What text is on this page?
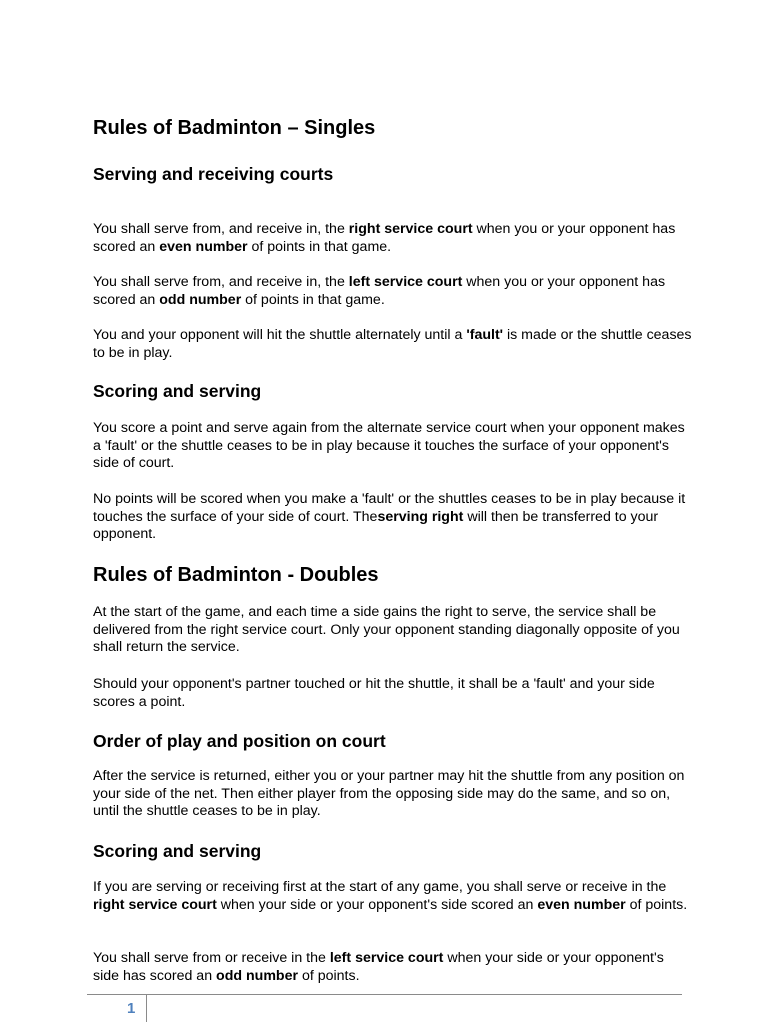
Rules of Badminton – Singles
Serving and receiving courts

You shall serve from, and receive in, the right service court when you or your opponent has scored an even number of points in that game.

You shall serve from, and receive in, the left service court when you or your opponent has scored an odd number of points in that game.

You and your opponent will hit the shuttle alternately until a 'fault' is made or the shuttle ceases to be in play.

Scoring and serving

You score a point and serve again from the alternate service court when your opponent makes a 'fault' or the shuttle ceases to be in play because it touches the surface of your opponent's side of court.

No points will be scored when you make a 'fault' or the shuttles ceases to be in play because it touches the surface of your side of court. Theserving right will then be transferred to your opponent.

Rules of Badminton - Doubles

At the start of the game, and each time a side gains the right to serve, the service shall be delivered from the right service court. Only your opponent standing diagonally opposite of you shall return the service.

Should your opponent's partner touched or hit the shuttle, it shall be a 'fault' and your side scores a point.

Order of play and position on court

After the service is returned, either you or your partner may hit the shuttle from any position on your side of the net. Then either player from the opposing side may do the same, and so on, until the shuttle ceases to be in play.

Scoring and serving

If you are serving or receiving first at the start of any game, you shall serve or receive in the right service court when your side or your opponent's side scored an even number of points.

You shall serve from or receive in the left service court when your side or your opponent's side has scored an odd number of points.

1
